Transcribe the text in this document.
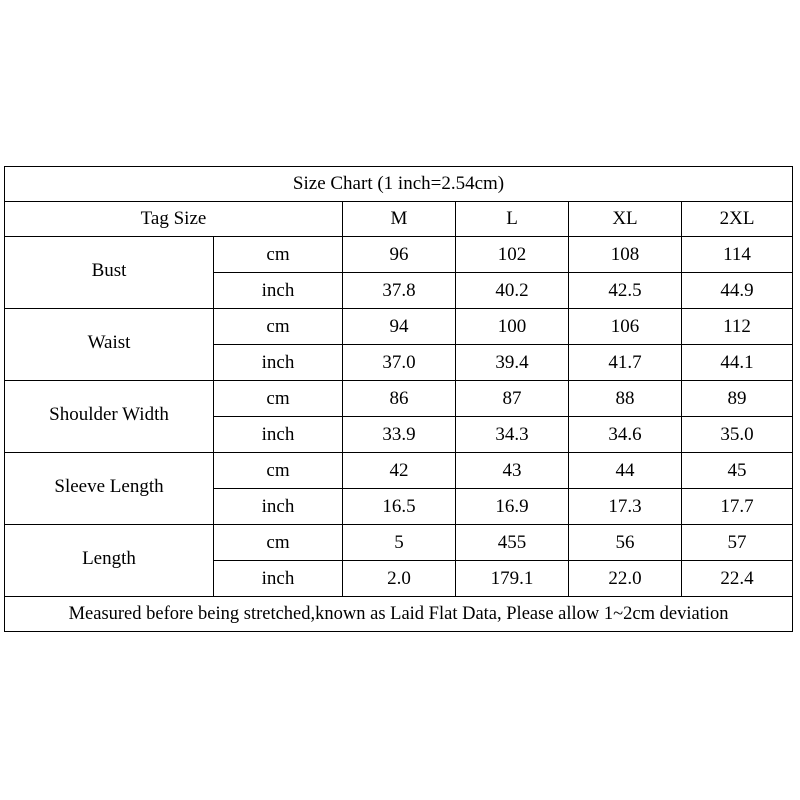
Size Chart (1 inch=2.54cm)					
Tag Size		M	L	XL	2XL
Bust	cm	96	102	108	114
	inch	37.8	40.2	42.5	44.9
Waist	cm	94	100	106	112
	inch	37.0	39.4	41.7	44.1
Shoulder Width	cm	86	87	88	89
	inch	33.9	34.3	34.6	35.0
Sleeve Length	cm	42	43	44	45
	inch	16.5	16.9	17.3	17.7
Length	cm	5	455	56	57
	inch	2.0	179.1	22.0	22.4
Measured before being stretched,known as Laid Flat Data, Please allow 1~2cm deviation					
